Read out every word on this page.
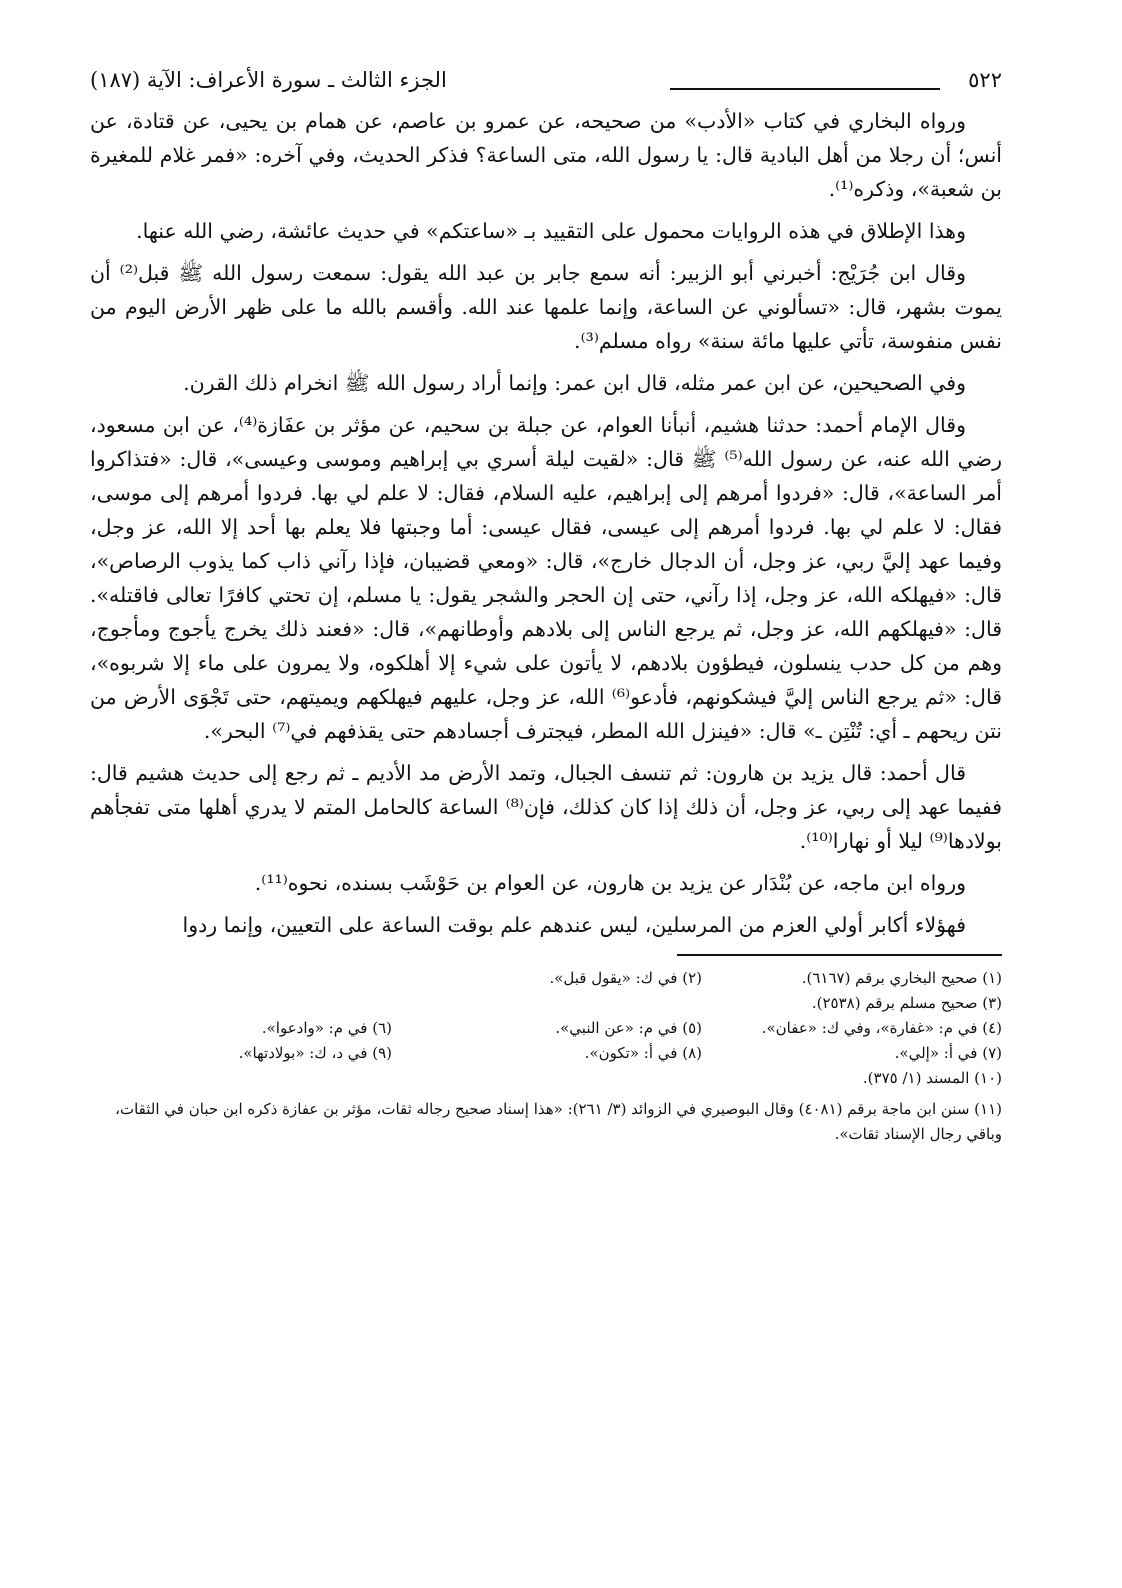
٥٢٢
الجزء الثالث ـ سورة الأعراف: الآية (١٨٧)

ورواه البخاري في كتاب «الأدب» من صحيحه، عن عمرو بن عاصم، عن همام بن يحيى، عن قتادة، عن أنس؛ أن رجلا من أهل البادية قال: يا رسول الله، متى الساعة؟ فذكر الحديث، وفي آخره: «فمر غلام للمغيرة بن شعبة»، وذكره⁽¹⁾.

وهذا الإطلاق في هذه الروايات محمول على التقييد بـ «ساعتكم» في حديث عائشة، رضي الله عنها.

وقال ابن جُرَيْج: أخبرني أبو الزبير: أنه سمع جابر بن عبد الله يقول: سمعت رسول الله ﷺ قبل⁽²⁾ أن يموت بشهر، قال: «تسألوني عن الساعة، وإنما علمها عند الله. وأقسم بالله ما على ظهر الأرض اليوم من نفس منفوسة، تأتي عليها مائة سنة» رواه مسلم⁽³⁾.

وفي الصحيحين، عن ابن عمر مثله، قال ابن عمر: وإنما أراد رسول الله ﷺ انخرام ذلك القرن.

وقال الإمام أحمد: حدثنا هشيم، أنبأنا العوام، عن جبلة بن سحيم، عن مؤثر بن عفَازة⁽⁴⁾، عن ابن مسعود، رضي الله عنه، عن رسول الله⁽⁵⁾ ﷺ قال: «لقيت ليلة أسري بي إبراهيم وموسى وعيسى»، قال: «فتذاكروا أمر الساعة»، قال: «فردوا أمرهم إلى إبراهيم، عليه السلام، فقال: لا علم لي بها. فردوا أمرهم إلى موسى، فقال: لا علم لي بها. فردوا أمرهم إلى عيسى، فقال عيسى: أما وجبتها فلا يعلم بها أحد إلا الله، عز وجل، وفيما عهد إليَّ ربي، عز وجل، أن الدجال خارج»، قال: «ومعي قضيبان، فإذا رآني ذاب كما يذوب الرصاص»، قال: «فيهلكه الله، عز وجل، إذا رآني، حتى إن الحجر والشجر يقول: يا مسلم، إن تحتي كافرًا تعالى فاقتله». قال: «فيهلكهم الله، عز وجل، ثم يرجع الناس إلى بلادهم وأوطانهم»، قال: «فعند ذلك يخرج يأجوج ومأجوج، وهم من كل حدب ينسلون، فيطؤون بلادهم، لا يأتون على شيء إلا أهلكوه، ولا يمرون على ماء إلا شربوه»، قال: «ثم يرجع الناس إليَّ فيشكونهم، فأدعو⁽⁶⁾ الله، عز وجل، عليهم فيهلكهم ويميتهم، حتى تَجْوَى الأرض من نتن ريحهم ـ أي: تُنْتِن ـ» قال: «فينزل الله المطر، فيجترف أجسادهم حتى يقذفهم في⁽⁷⁾ البحر».

قال أحمد: قال يزيد بن هارون: ثم تنسف الجبال، وتمد الأرض مد الأديم ـ ثم رجع إلى حديث هشيم قال: ففيما عهد إلى ربي، عز وجل، أن ذلك إذا كان كذلك، فإن⁽⁸⁾ الساعة كالحامل المتم لا يدري أهلها متى تفجأهم بولادها⁽⁹⁾ ليلا أو نهارا⁽¹⁰⁾.

ورواه ابن ماجه، عن بُنْدَار عن يزيد بن هارون، عن العوام بن حَوْشَب بسنده، نحوه⁽¹¹⁾.

فهؤلاء أكابر أولي العزم من المرسلين، ليس عندهم علم بوقت الساعة على التعيين، وإنما ردوا

(١) صحيح البخاري برقم (٦١٦٧).
(٢) في ك: «يقول قبل».
(٣) صحيح مسلم برقم (٢٥٣٨).
(٤) في م: «غفارة»، وفي ك: «عفان».
(٥) في م: «عن النبي».
(٦) في م: «وادعوا».
(٧) في أ: «إلي».
(٨) في أ: «تكون».
(٩) في د، ك: «بولادتها».
(١٠) المسند (١/ ٣٧٥).

(١١) سنن ابن ماجة برقم (٤٠٨١) وقال البوصيري في الزوائد (٣/ ٢٦١): «هذا إسناد صحيح رجاله ثقات، مؤثر بن عفازة ذكره ابن حبان في الثقات، وباقي رجال الإسناد ثقات».
